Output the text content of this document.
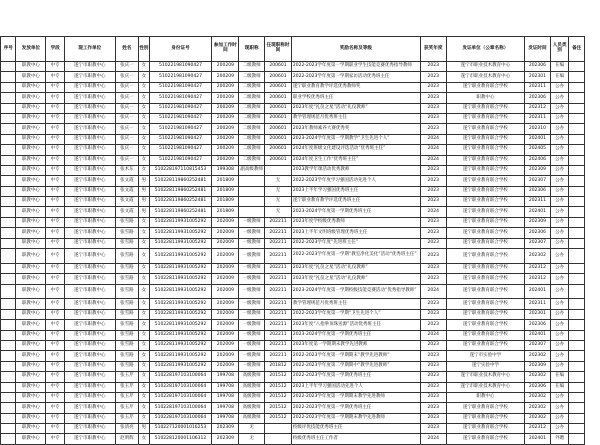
序号	发放单位	学段	现工作单位	姓名	性别	身份证号	参加工作时间	现职称	任现职称时间	奖励名称及等级	获奖年度	发证单位（公章名称）	发证时间	人员类别	备注
	职教中心	中专	遂宁市职教中心	张庆一	女	510221981090427	200209	二级教师	200601	2022-2023学年度第一学期职业学生技能竞赛优秀指导教师	2023	遂宁市职业技术教育中心	202306	在编	
	职教中心	中专	遂宁市职教中心	张庆一	女	510221981090427	200209	二级教师	200601	2022-2023学年度第一学期家访活动优秀班主任	2023	遂宁市职业技术教育中心	202301	在编	
	职教中心	中专	遂宁市职教中心	张庆一	女	510221981090427	200209	二级教师	200601	遂宁职业教育教学评选优秀教师奖	2023	遂宁职业教育联合学校	202311	公办	
	职教中心	中专	遂宁市职教中心	张庆一	女	510221981090427	200209	二级教师	200601	职业学校优秀班主任	2023	职教中心	202306	公办	
	职教中心	中专	遂宁市职教中心	张庆一	女	510221981090427	200209	二级教师	200601	2023年度“礼仪之星”活动“礼仪教师”	2023	遂宁职业教育联合学校	202312	公办	
	职教中心	中专	遂宁市职教中心	张庆一	女	510221981090427	200209	二级教师	200601	教学管理规范月优秀班主任	2023	遂宁职业教育联合学校	202311	公办	
	职教中心	中专	遂宁市职教中心	张庆一	女	510221981090427	200209	二级教师	200601	2023年教师素养大赛优秀奖	2023	遂宁职业教育联合学校	202310	公办	
	职教中心	中专	遂宁市职教中心	张庆一	女	510221981090427	200209	二级教师	200601	2023-2024学年度第一学期教学“卫生先进个人”	2024	遂宁职业教育联合学校	202401	公办	
	职教中心	中专	遂宁市职教中心	张庆一	女	510221981090427	200209	二级教师	200601	2024年度班级文化建设评选活动“优秀班主任”	2024	遂宁职业教育联合学校	202405	公办	
	职教中心	中专	遂宁市职教中心	张庆一	女	510221981090427	200209	二级教师	200601	2024年度卫生工作“优秀班主任”	2024	遂宁职业教育联合学校	202406	公办	
	职教中心	中专	遂宁市职教中心	张术东	女	510228197110815453	199308	副高级教师		2023教学年课活动优秀教师	2023	遂宁职业教育联合学校	202309	公办	
	职教中心	中专	遂宁市职教中心	张文霞	男	510228119860252481	201809		无	2022-2023学年度学习强国活动先进个人	2023	遂宁职业教育联合学校	202307	公办	
	职教中心	中专	遂宁市职教中心	张文霞	男	510228119860252481	201809		无	2023上半年学习强国优秀班主任	2023	遂宁职业教育联合学校	202306	公办	
	职教中心	中专	遂宁市职教中心	张文霞	男	510228119860252481	201809		无	遂宁职业教育教学评选优秀班主任	2023	遂宁职业教育联合学校	202311	公办	
	职教中心	中专	遂宁市职教中心	张文霞	男	510228119860252481	201809		无	2023-2024学年度第一学期优秀班主任	2024	遂宁职业教育联合学校	202401	公办	
	职教中心	中专	遂宁市职教中心	张雪路	女	510228119931005292	202009	一级教师	202211	2023年度学校级优秀教师	2023	遂宁职业教育联合学校	202309	公办	
	职教中心	中专	遂宁市职教中心	张雪路	女	510228119931005292	202009	一级教师	202211	2023上半年文明班级管理优秀班主任	2023	遂宁职业教育联合学校	202306	公办	
	职教中心	中专	遂宁市职教中心	张雪路	女	510228119931005292	202009	一级教师	202211	2022-2023学年度“先进班主任”	2023	遂宁职业教育联合学校	202307	公办	
	职教中心	中专	遂宁市职教中心	张雪路	女	510228119931005292	202009	一级教师	202211	2022-2023学年度第一学期“教室净化美化”活动“优秀班主任”	2023	遂宁职业教育联合学校	202302	公办	
	职教中心	中专	遂宁市职教中心	张雪路	女	510228119931005292	202009	一级教师	202211	2023年度“礼仪之星”活动“礼仪教师”	2023	遂宁职业教育联合学校	202312	公办	
	职教中心	中专	遂宁市职教中心	张雪路	女	510228119931005292	202009	一级教师	202211	2023年度“礼仪之星”活动“礼仪教师”	2023	遂宁职业教育联合学校	202312	公办	
	职教中心	中专	遂宁市职教中心	张雪路	女	510228119931005292	202009	一级教师	202211	2023-2024学年度第一学期校级技能竞赛活动“优秀指导教师”	2024	遂宁职业教育联合学校	202401	公办	
	职教中心	中专	遂宁市职教中心	张雪路	女	510228119931005292	202009	一级教师	202211	教学管理规范月优秀班主任	2023	遂宁职业教育联合学校	202311	公办	
	职教中心	中专	遂宁市职教中心	张雪路	女	510228119931005292	202009	一级教师	202211	2022-2023学年度第一学期“卫生先进个人”	2023	遂宁职业教育联合学校	202301	公办	
	职教中心	中专	遂宁市职教中心	张雪路	女	510228119931005292	202009	一级教师	202211	2023年度“八指拳顶珠送源”活动优秀班主任	2023	遂宁职业教育联合学校	202306	公办	
	职教中心	中专	遂宁市职教中心	张雪路	女	510228119931005292	202009	一级教师	202211	2023-2024学年度第一学期优秀班主任	2024	遂宁职业教育联合学校	202401	公办	
	职教中心	中专	遂宁市职教中心	张雪路	女	510228119931005292	202009	一级教师	202211	2023年度第一学期期末教学先进教师	2023	遂宁职业教育联合学校	202307	公办	
	职教中心	中专	遂宁市职教中心	张雪路	女	510228119931005292	202009	一级教师	202211	2022-2023学年度第一学期期末“教学先进教师”	2023	遂宁市实验中学	202302	公办	
	职教中心	中专	遂宁市职教中心	张雪路	女	510228119931005292	202009	一级教师	201812	2022-2023学年度第二学期期中“教学先进教师”	2023	遂宁实验中学	202309	公办	
	职教中心	中专	遂宁市职教中心	张玉芹	女	510228197103100064	199708	高级教师	201512	2022-2023学年度第一学期优秀班主任	2023	遂宁市职业技术教育中心	202302	在编	
	职教中心	中专	遂宁市职教中心	张玉芹	女	510228197103100064	199708	高级教师	201512	2023上半年学习强国活动先进个人	2023	遂宁市职业技术教育中心	202306	在编	
	职教中心	中专	遂宁市职教中心	张玉芹	女	510228197103100064	199708	高级教师	201512	2022-2023学年度第一学期期末教学先进教师	2023	职教中心	202302	公办	
	职教中心	中专	遂宁市职教中心	张玉芹	女	510228197103100064	199708	高级教师	201512	2022-2023学年度第一学期优秀班主任	2023	遂宁职业教育联合学校	202302	公办	
	职教中心	中专	遂宁市职教中心	张玉芹	女	510228197103100064	199708	高级教师	201512	2022-2023学年度第一学期期末教学先进教师	2023	遂宁职业教育联合学校	202302	公办	
	职教中心	中专	遂宁市职教中心	张清亮	男	510227120001016253	202309	无		校级评优技能优秀班主任	2023	遂宁职业教育联合学校	202312	公办	
	职教中心	中专	遂宁市职教中心	赵明辉	女	510228120001106312	202309	无		校级优秀班主任工作者	2024	遂宁职业教育联合学校	202401	外聘	
